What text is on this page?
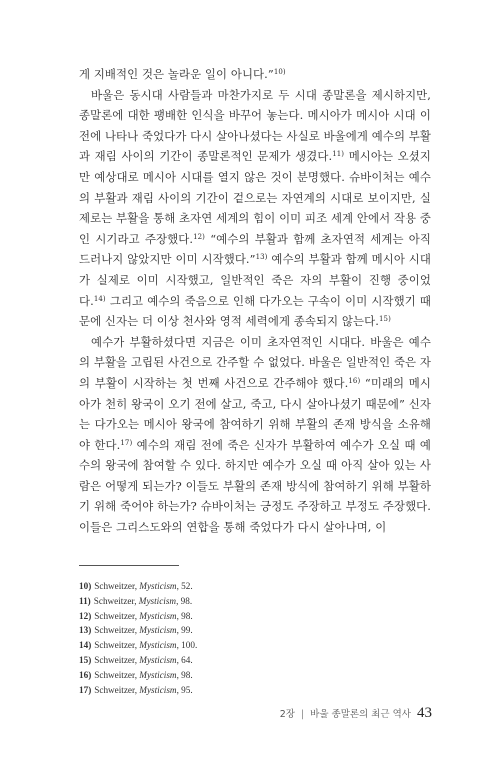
게 지배적인 것은 놀라운 일이 아니다.”$^{10)}$

바울은 동시대 사람들과 마찬가지로 두 시대 종말론을 제시하지만, 종말론에 대한 팽배한 인식을 바꾸어 놓는다. 메시아가 메시아 시대 이전에 나타나 죽었다가 다시 살아나셨다는 사실로 바울에게 예수의 부활과 재림 사이의 기간이 종말론적인 문제가 생겼다.$^{11)}$ 메시아는 오셨지만 예상대로 메시아 시대를 열지 않은 것이 분명했다. 슈바이처는 예수의 부활과 재림 사이의 기간이 겉으로는 자연계의 시대로 보이지만, 실제로는 부활을 통해 초자연 세계의 힘이 이미 피조 세계 안에서 작용 중인 시기라고 주장했다.$^{12)}$ “예수의 부활과 함께 초자연적 세계는 아직 드러나지 않았지만 이미 시작했다.”$^{13)}$ 예수의 부활과 함께 메시아 시대가 실제로 이미 시작했고, 일반적인 죽은 자의 부활이 진행 중이었다.$^{14)}$ 그리고 예수의 죽음으로 인해 다가오는 구속이 이미 시작했기 때문에 신자는 더 이상 천사와 영적 세력에게 종속되지 않는다.$^{15)}$

예수가 부활하셨다면 지금은 이미 초자연적인 시대다. 바울은 예수의 부활을 고립된 사건으로 간주할 수 없었다. 바울은 일반적인 죽은 자의 부활이 시작하는 첫 번째 사건으로 간주해야 했다.$^{16)}$ “미래의 메시아가 천히 왕국이 오기 전에 살고, 죽고, 다시 살아나셨기 때문에” 신자는 다가오는 메시아 왕국에 참여하기 위해 부활의 존재 방식을 소유해야 한다.$^{17)}$ 예수의 재림 전에 죽은 신자가 부활하여 예수가 오실 때 예수의 왕국에 참여할 수 있다. 하지만 예수가 오실 때 아직 살아 있는 사람은 어떻게 되는가? 이들도 부활의 존재 방식에 참여하기 위해 부활하기 위해 죽어야 하는가? 슈바이처는 긍정도 주장하고 부정도 주장했다. 이들은 그리스도와의 연합을 통해 죽었다가 다시 살아나며, 이

10) Schweitzer, Mysticism, 52.
11) Schweitzer, Mysticism, 98.
12) Schweitzer, Mysticism, 98.
13) Schweitzer, Mysticism, 99.
14) Schweitzer, Mysticism, 100.
15) Schweitzer, Mysticism, 64.
16) Schweitzer, Mysticism, 98.
17) Schweitzer, Mysticism, 95.
2장 | 바울 종말론의 최근 역사 43
